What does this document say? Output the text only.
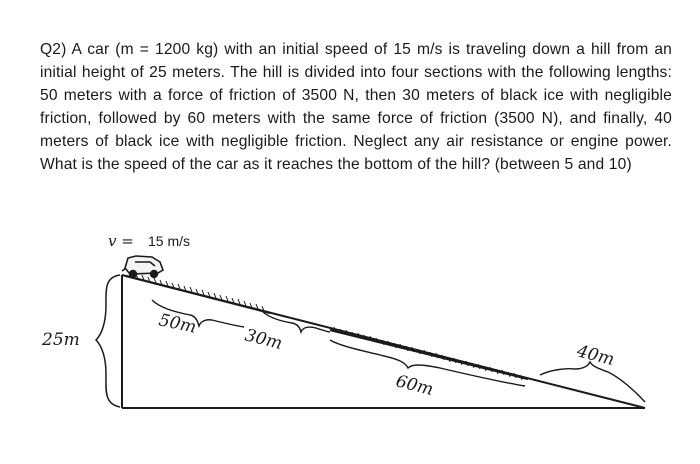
Q2) A car (m = 1200 kg) with an initial speed of 15 m/s is traveling down a hill from an initial height of 25 meters. The hill is divided into four sections with the following lengths: 50 meters with a force of friction of 3500 N, then 30 meters of black ice with negligible friction, followed by 60 meters with the same force of friction (3500 N), and finally, 40 meters of black ice with negligible friction. Neglect any air resistance or engine power. What is the speed of the car as it reaches the bottom of the hill? (between 5 and 10)
v = 15 m/s
25m
50m
30m
60m
40m
